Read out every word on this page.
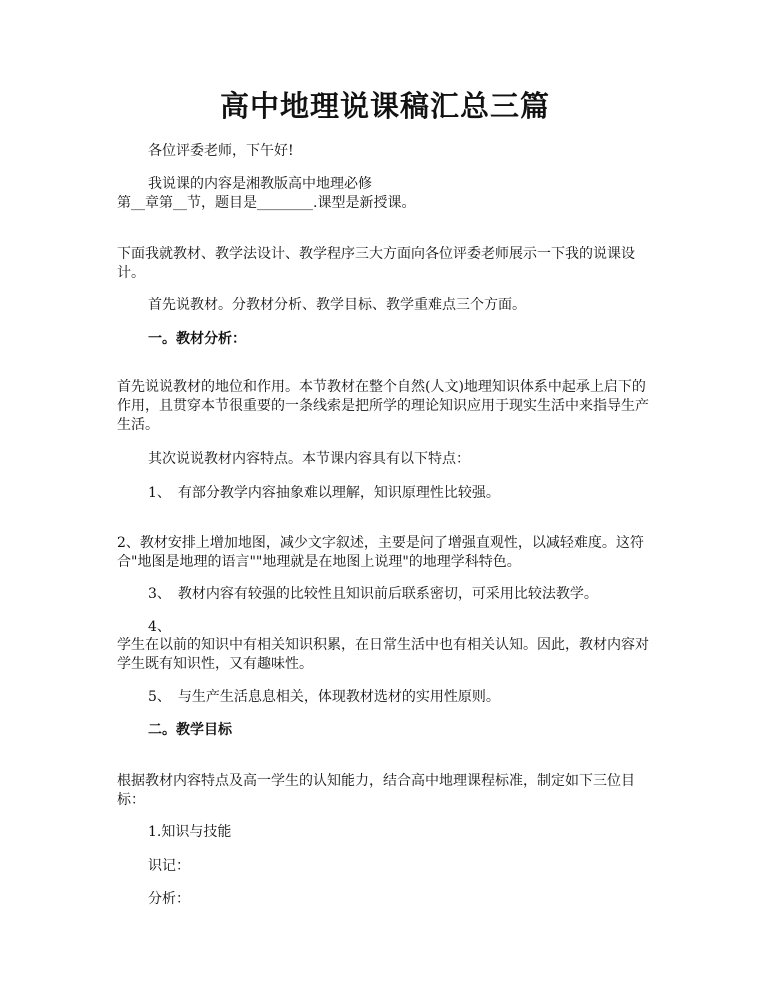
高中地理说课稿汇总三篇

各位评委老师，下午好!

我说课的内容是湘教版高中地理必修

第__章第__节，题目是________.课型是新授课。

下面我就教材、教学法设计、教学程序三大方面向各位评委老师展示一下我的说课设计。

首先说教材。分教材分析、教学目标、教学重难点三个方面。

一。教材分析：

首先说说教材的地位和作用。本节教材在整个自然(人文)地理知识体系中起承上启下的作用，且贯穿本节很重要的一条线索是把所学的理论知识应用于现实生活中来指导生产生活。

其次说说教材内容特点。本节课内容具有以下特点：

1、　有部分教学内容抽象难以理解，知识原理性比较强。

2、教材安排上增加地图，减少文字叙述，主要是问了增强直观性，以减轻难度。这符合"地图是地理的语言""地理就是在地图上说理"的地理学科特色。

3、　教材内容有较强的比较性且知识前后联系密切，可采用比较法教学。

4、

学生在以前的知识中有相关知识积累，在日常生活中也有相关认知。因此，教材内容对学生既有知识性，又有趣味性。

5、　与生产生活息息相关，体现教材选材的实用性原则。

二。教学目标

根据教材内容特点及高一学生的认知能力，结合高中地理课程标准，制定如下三位目标：

1.知识与技能

识记：

分析：
